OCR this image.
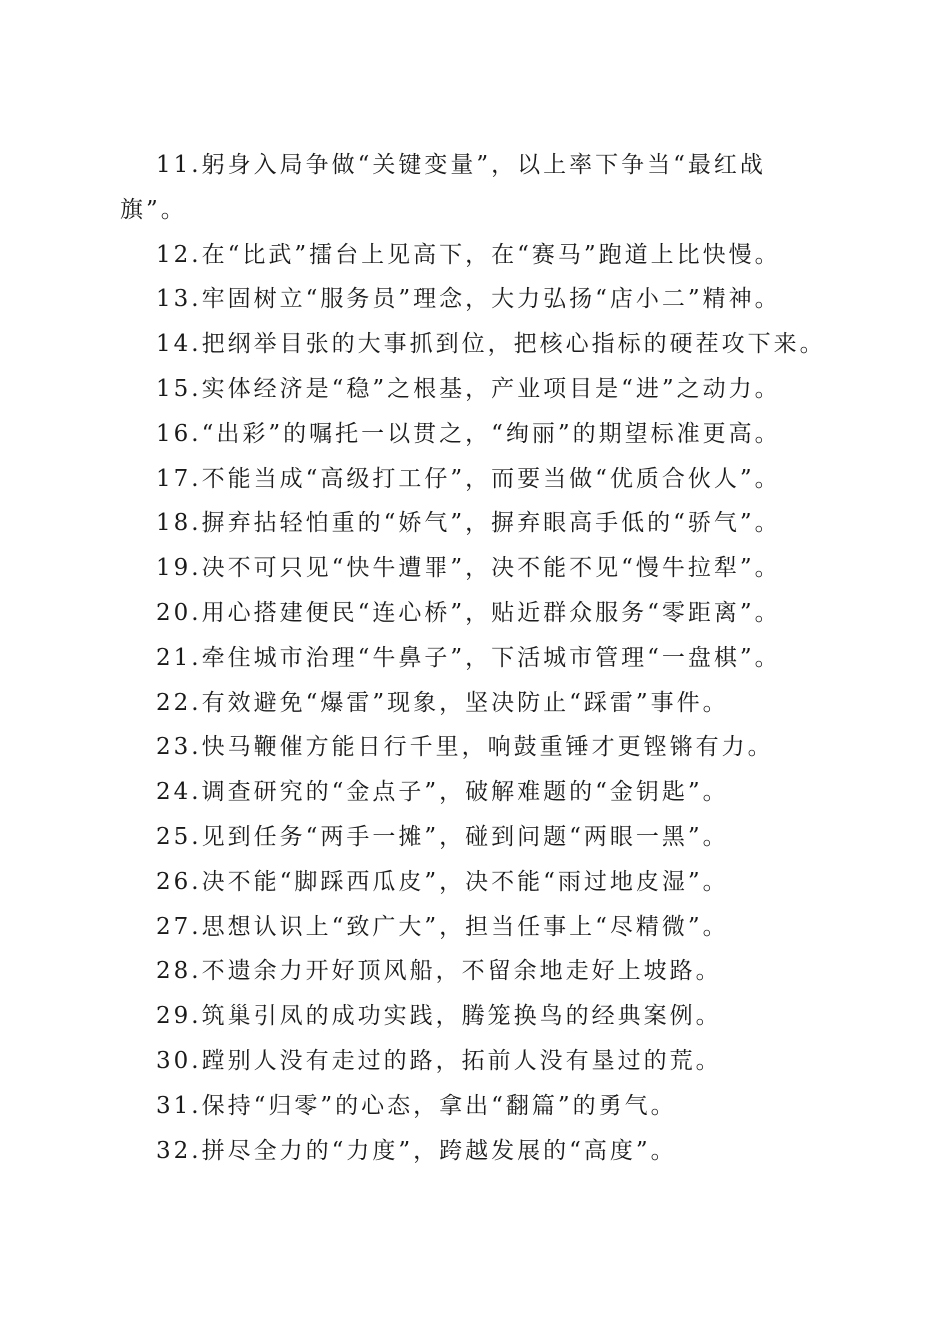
11.躬身入局争做“关键变量”，以上率下争当“最红战旗”。

12.在“比武”擂台上见高下，在“赛马”跑道上比快慢。

13.牢固树立“服务员”理念，大力弘扬“店小二”精神。

14.把纲举目张的大事抓到位，把核心指标的硬茬攻下来。

15.实体经济是“稳”之根基，产业项目是“进”之动力。

16.“出彩”的嘱托一以贯之，“绚丽”的期望标准更高。

17.不能当成“高级打工仔”，而要当做“优质合伙人”。

18.摒弃拈轻怕重的“娇气”，摒弃眼高手低的“骄气”。

19.决不可只见“快牛遭罪”，决不能不见“慢牛拉犁”。

20.用心搭建便民“连心桥”，贴近群众服务“零距离”。

21.牵住城市治理“牛鼻子”，下活城市管理“一盘棋”。

22.有效避免“爆雷”现象，坚决防止“踩雷”事件。

23.快马鞭催方能日行千里，响鼓重锤才更铿锵有力。

24.调查研究的“金点子”，破解难题的“金钥匙”。

25.见到任务“两手一摊”，碰到问题“两眼一黑”。

26.决不能“脚踩西瓜皮”，决不能“雨过地皮湿”。

27.思想认识上“致广大”，担当任事上“尽精微”。

28.不遗余力开好顶风船，不留余地走好上坡路。

29.筑巢引凤的成功实践，腾笼换鸟的经典案例。

30.蹚别人没有走过的路，拓前人没有垦过的荒。

31.保持“归零”的心态，拿出“翻篇”的勇气。

32.拼尽全力的“力度”，跨越发展的“高度”。
